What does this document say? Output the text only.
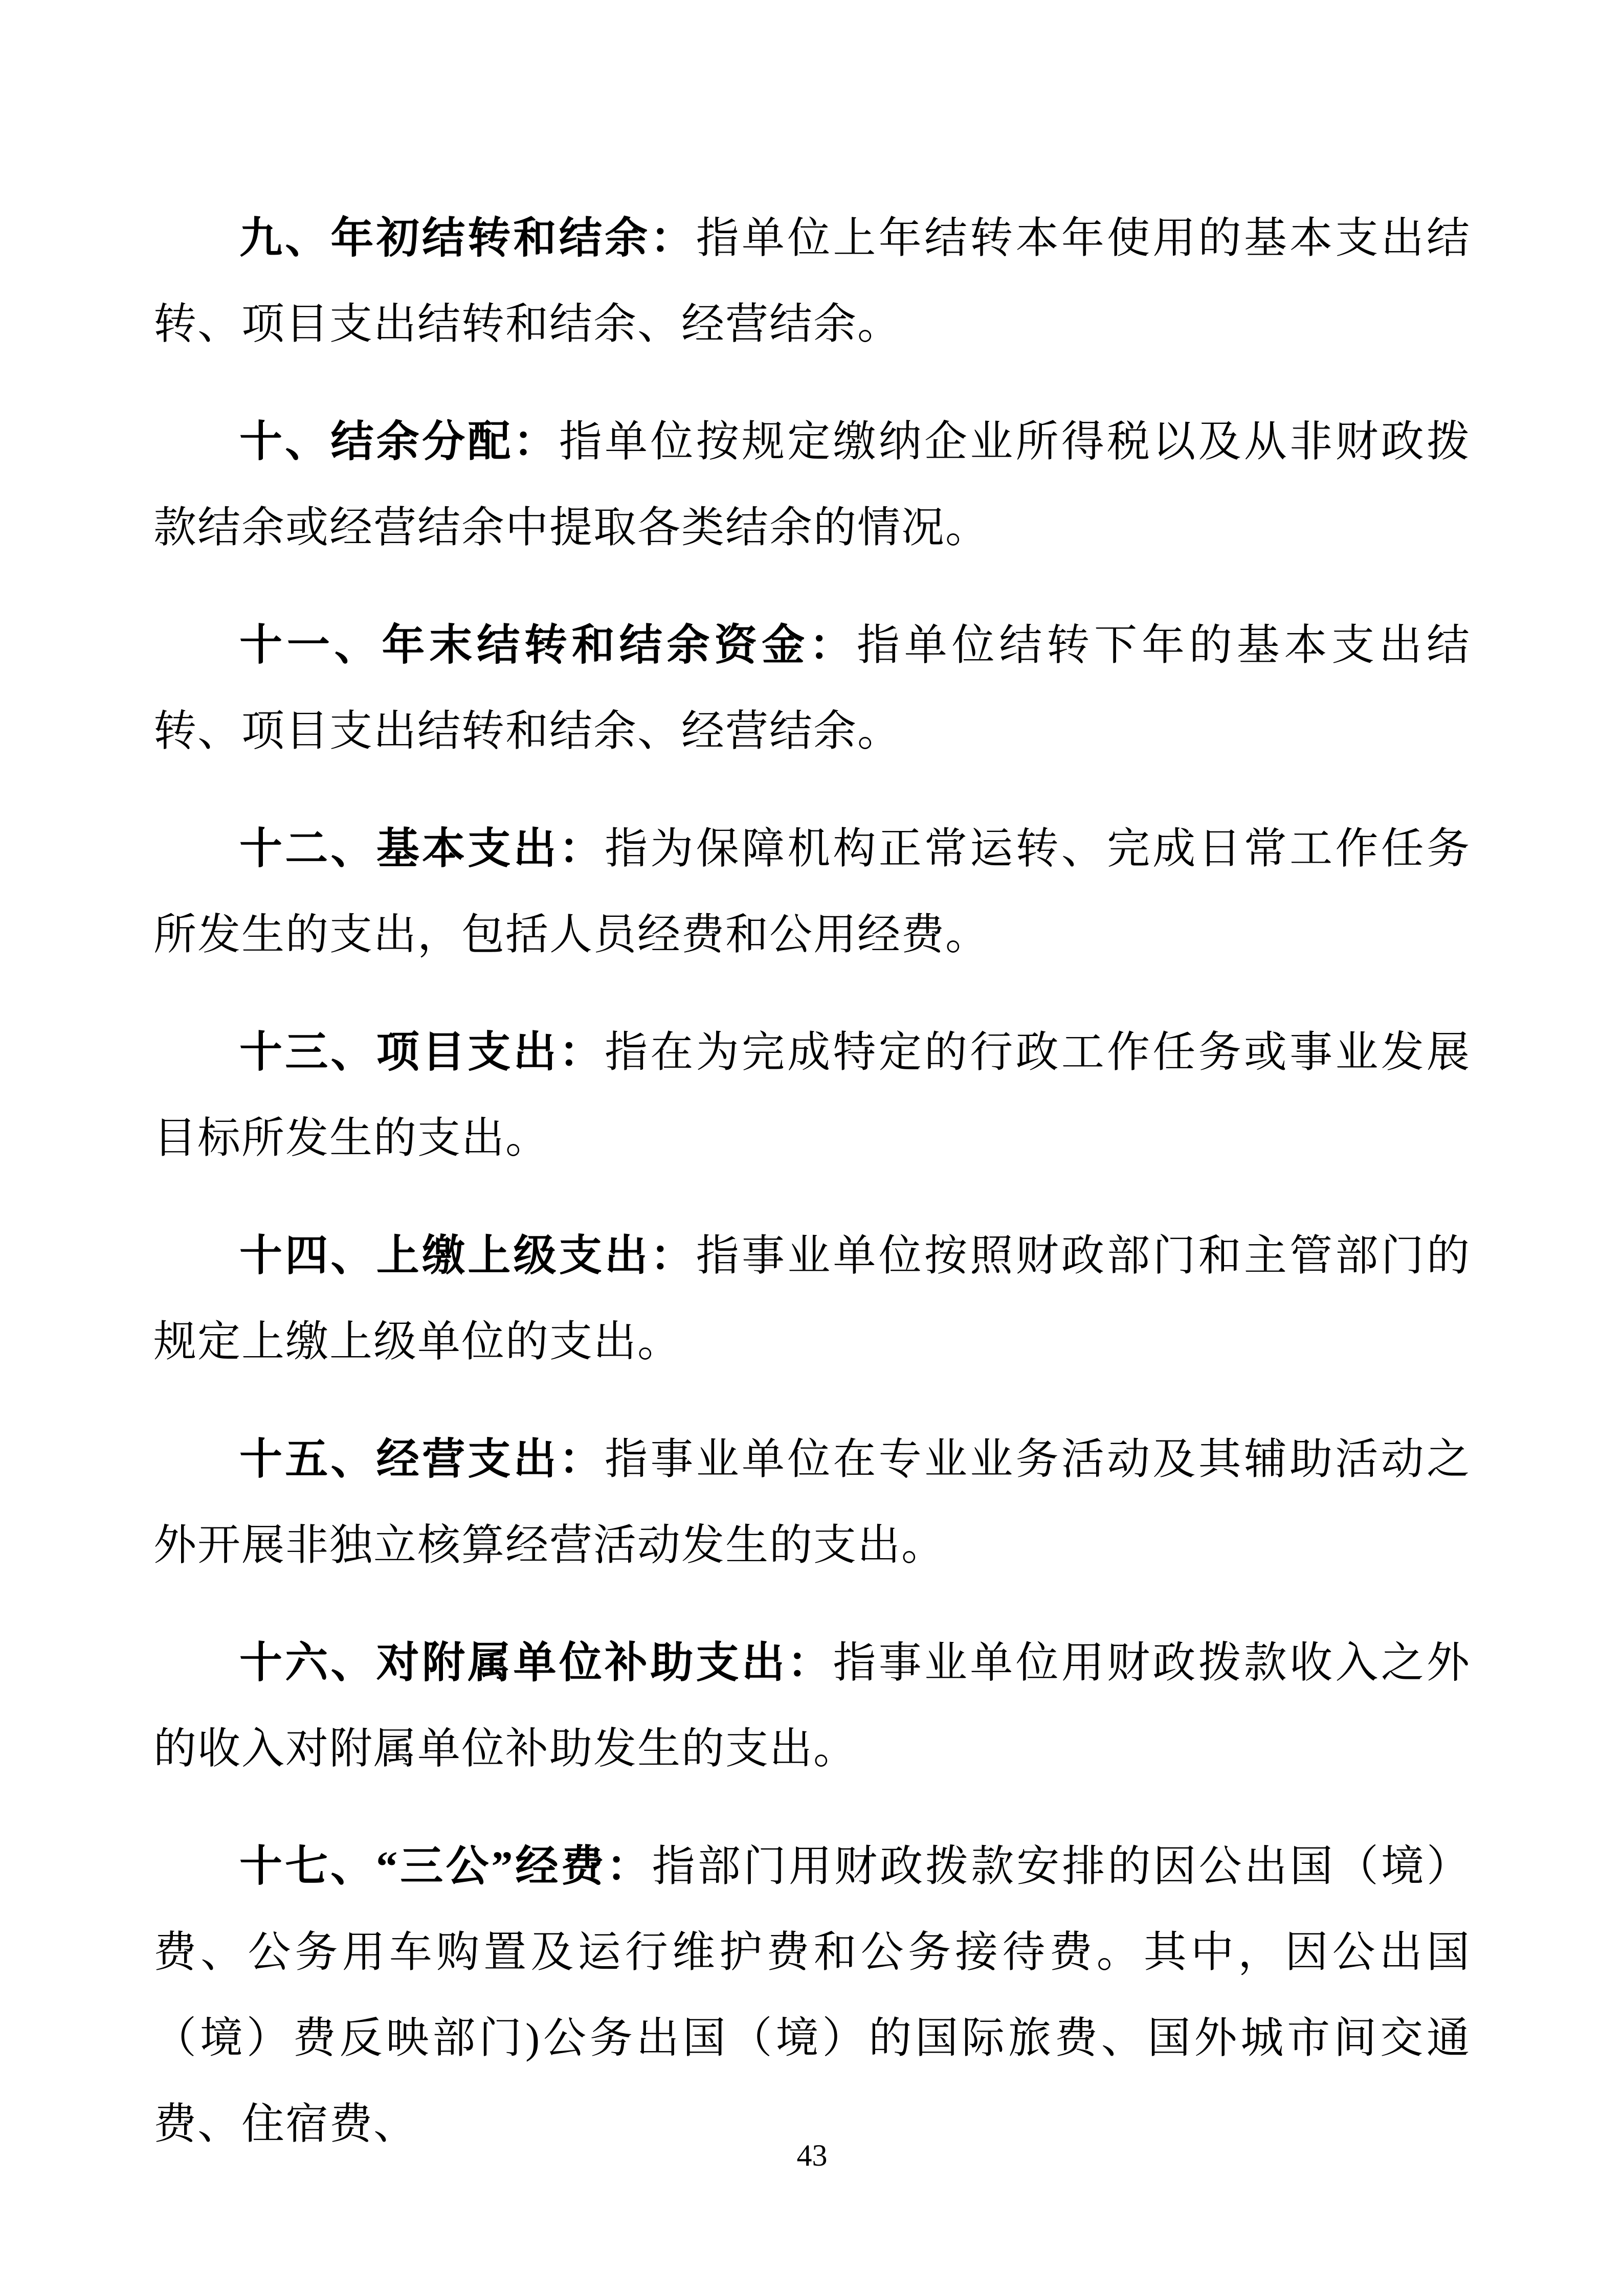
九、年初结转和结余：指单位上年结转本年使用的基本支出结转、项目支出结转和结余、经营结余。

十、结余分配：指单位按规定缴纳企业所得税以及从非财政拨款结余或经营结余中提取各类结余的情况。

十一、年末结转和结余资金：指单位结转下年的基本支出结转、项目支出结转和结余、经营结余。

十二、基本支出：指为保障机构正常运转、完成日常工作任务所发生的支出，包括人员经费和公用经费。

十三、项目支出：指在为完成特定的行政工作任务或事业发展目标所发生的支出。

十四、上缴上级支出：指事业单位按照财政部门和主管部门的规定上缴上级单位的支出。

十五、经营支出：指事业单位在专业业务活动及其辅助活动之外开展非独立核算经营活动发生的支出。

十六、对附属单位补助支出：指事业单位用财政拨款收入之外的收入对附属单位补助发生的支出。

十七、“三公”经费：指部门用财政拨款安排的因公出国（境）费、公务用车购置及运行维护费和公务接待费。其中，因公出国（境）费反映部门)公务出国（境）的国际旅费、国外城市间交通费、住宿费、

43
